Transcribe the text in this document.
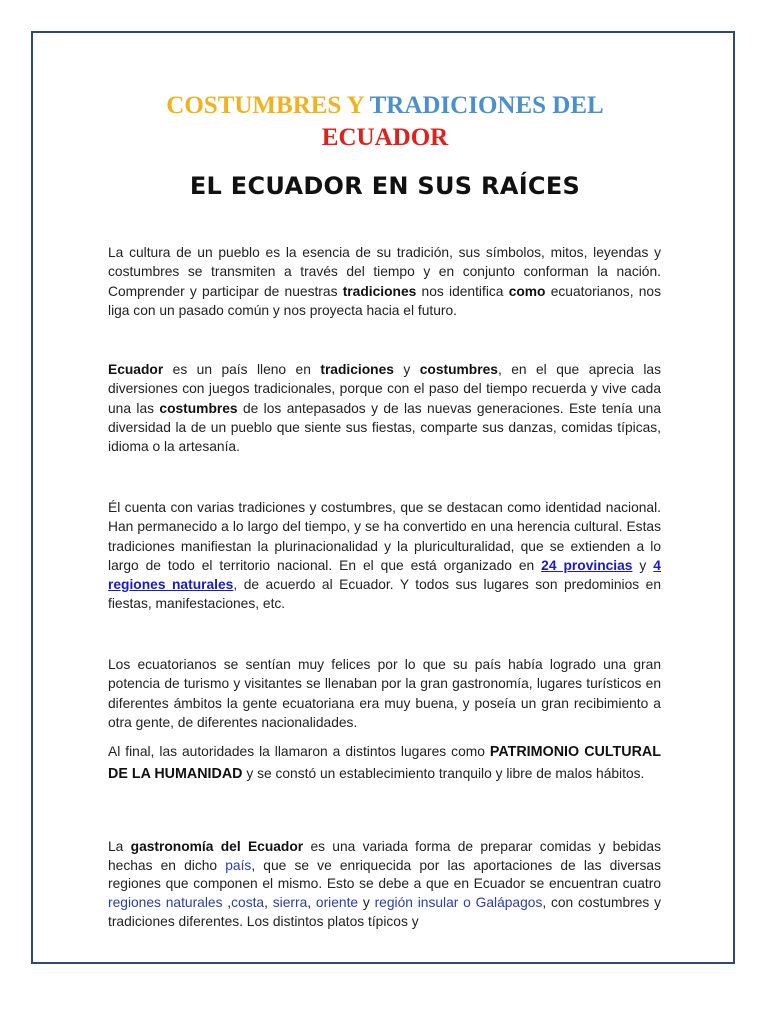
COSTUMBRES Y TRADICIONES DEL
ECUADOR
EL ECUADOR EN SUS RAÍCES

La cultura de un pueblo es la esencia de su tradición, sus símbolos, mitos, leyendas y costumbres se transmiten a través del tiempo y en conjunto conforman la nación. Comprender y participar de nuestras tradiciones nos identifica como ecuatorianos, nos liga con un pasado común y nos proyecta hacia el futuro.

Ecuador es un país lleno en tradiciones y costumbres, en el que aprecia las diversiones con juegos tradicionales, porque con el paso del tiempo recuerda y vive cada una las costumbres de los antepasados y de las nuevas generaciones. Este tenía una diversidad la de un pueblo que siente sus fiestas, comparte sus danzas, comidas típicas, idioma o la artesanía.

Él cuenta con varias tradiciones y costumbres, que se destacan como identidad nacional. Han permanecido a lo largo del tiempo, y se ha convertido en una herencia cultural. Estas tradiciones manifiestan la plurinacionalidad y la pluriculturalidad, que se extienden a lo largo de todo el territorio nacional. En el que está organizado en 24 provincias y 4 regiones naturales, de acuerdo al Ecuador. Y todos sus lugares son predominios en fiestas, manifestaciones, etc.

Los ecuatorianos se sentían muy felices por lo que su país había logrado una gran potencia de turismo y visitantes se llenaban por la gran gastronomía, lugares turísticos en diferentes ámbitos la gente ecuatoriana era muy buena, y poseía un gran recibimiento a otra gente, de diferentes nacionalidades.

Al final, las autoridades la llamaron a distintos lugares como PATRIMONIO CULTURAL DE LA HUMANIDAD y se constó un establecimiento tranquilo y libre de malos hábitos.

La gastronomía del Ecuador es una variada forma de preparar comidas y bebidas hechas en dicho país, que se ve enriquecida por las aportaciones de las diversas regiones que componen el mismo. Esto se debe a que en Ecuador se encuentran cuatro regiones naturales ,costa, sierra, oriente y región insular o Galápagos, con costumbres y tradiciones diferentes. Los distintos platos típicos y
